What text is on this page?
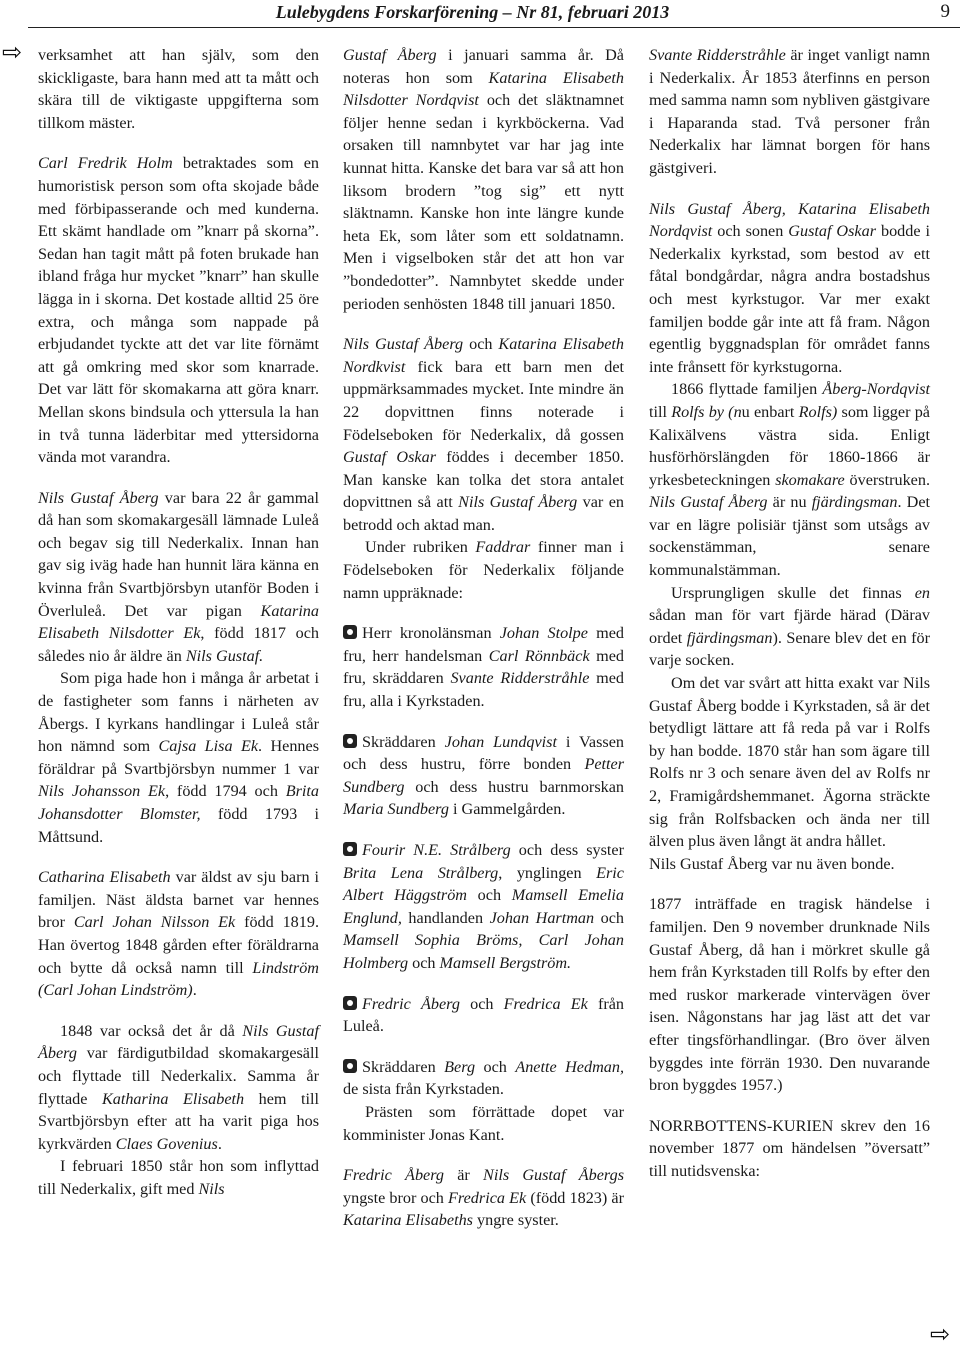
Lulebygdens Forskarförening – Nr 81, februari 2013	9
⇨
⇨

verksamhet att han själv, som den skickligaste, bara hann med att ta mått och skära till de viktigaste uppgifterna som tillkom mäster.

Carl Fredrik Holm betraktades som en humoristisk person som ofta skojade både med förbipasserande och med kunderna. Ett skämt handlade om ”knarr på skorna”. Sedan han tagit mått på foten brukade han ibland fråga hur mycket ”knarr” han skulle lägga in i skorna. Det kostade alltid 25 öre extra, och många som nappade på erbjudandet tyckte att det var lite förnämt att gå omkring med skor som knarrade. Det var lätt för skomakarna att göra knarr. Mellan skons bindsula och yttersula la han in två tunna läderbitar med yttersidorna vända mot varandra.

Nils Gustaf Åberg var bara 22 år gammal då han som skomakargesäll lämnade Luleå och begav sig till Nederkalix. Innan han gav sig iväg hade han hunnit lära känna en kvinna från Svartbjörsbyn utanför Boden i Överluleå. Det var pigan Katarina Elisabeth Nilsdotter Ek, född 1817 och således nio år äldre än Nils Gustaf.

Som piga hade hon i många år arbetat i de fastigheter som fanns i närheten av Åbergs. I kyrkans handlingar i Luleå står hon nämnd som Cajsa Lisa Ek. Hennes föräldrar på Svartbjörsbyn nummer 1 var Nils Johansson Ek, född 1794 och Brita Johansdotter Blomster, född 1793 i Måttsund.

Catharina Elisabeth var äldst av sju barn i familjen. Näst äldsta barnet var hennes bror Carl Johan Nilsson Ek född 1819. Han övertog 1848 gården efter föräldrarna och bytte då också namn till Lindström (Carl Johan Lindström).

1848 var också det år då Nils Gustaf Åberg var färdigutbildad skomakargesäll och flyttade till Nederkalix. Samma år flyttade Katharina Elisabeth hem till Svartbjörsbyn efter att ha varit piga hos kyrkvärden Claes Govenius.

I februari 1850 står hon som inflyttad till Nederkalix, gift med Nils

Gustaf Åberg i januari samma år. Då noteras hon som Katarina Elisabeth Nilsdotter Nordqvist och det släktnamnet följer henne sedan i kyrkböckerna. Vad orsaken till namnbytet var har jag inte kunnat hitta. Kanske det bara var så att hon liksom brodern ”tog sig” ett nytt släktnamn. Kanske hon inte längre kunde heta Ek, som låter som ett soldatnamn. Men i vigselboken står det att hon var ”bondedotter”. Namnbytet skedde under perioden senhösten 1848 till januari 1850.

Nils Gustaf Åberg och Katarina Elisabeth Nordkvist fick bara ett barn men det uppmärksammades mycket. Inte mindre än 22 dopvittnen finns noterade i Födelseboken för Nederkalix, då gossen Gustaf Oskar föddes i december 1850. Man kanske kan tolka det stora antalet dopvittnen så att Nils Gustaf Åberg var en betrodd och aktad man.

Under rubriken Faddrar finner man i Födelseboken för Nederkalix följande namn uppräknade:

Herr kronolänsman Johan Stolpe med fru, herr handelsman Carl Rönnbäck med fru, skräddaren Svante Ridderstråhle med fru, alla i Kyrkstaden.

Skräddaren Johan Lundqvist i Vassen och dess hustru, förre bonden Petter Sundberg och dess hustru barnmorskan Maria Sundberg i Gammelgården.

Fourir N.E. Strålberg och dess syster Brita Lena Strålberg, ynglingen Eric Albert Häggström och Mamsell Emelia Englund, handlanden Johan Hartman och Mamsell Sophia Bröms, Carl Johan Holmberg och Mamsell Bergström.

Fredric Åberg och Fredrica Ek från Luleå.

Skräddaren Berg och Anette Hedman, de sista från Kyrkstaden.

Prästen som förrättade dopet var komminister Jonas Kant.

Fredric Åberg är Nils Gustaf Åbergs yngste bror och Fredrica Ek (född 1823) är Katarina Elisabeths yngre syster.

Svante Ridderstråhle är inget vanligt namn i Nederkalix. År 1853 återfinns en person med samma namn som nybliven gästgivare i Haparanda stad. Två personer från Nederkalix har lämnat borgen för hans gästgiveri.

Nils Gustaf Åberg, Katarina Elisabeth Nordqvist och sonen Gustaf Oskar bodde i Nederkalix kyrkstad, som bestod av ett fåtal bondgårdar, några andra bostadshus och mest kyrkstugor. Var mer exakt familjen bodde går inte att få fram. Någon egentlig byggnadsplan för området fanns inte frånsett för kyrkstugorna.

1866 flyttade familjen Åberg-Nordqvist till Rolfs by (nu enbart Rolfs) som ligger på Kalixälvens västra sida. Enligt husförhörslängden för 1860-1866 är yrkesbeteckningen skomakare överstruken. Nils Gustaf Åberg är nu fjärdingsman. Det var en lägre polisiär tjänst som utsågs av sockenstämman, senare kommunalstämman.

Ursprungligen skulle det finnas en sådan man för vart fjärde härad (Därav ordet fjärdingsman). Senare blev det en för varje socken.

Om det var svårt att hitta exakt var Nils Gustaf Åberg bodde i Kyrkstaden, så är det betydligt lättare att få reda på var i Rolfs by han bodde. 1870 står han som ägare till Rolfs nr 3 och senare även del av Rolfs nr 2, Framigårdshemmanet. Ägorna sträckte sig från Rolfsbacken och ända ner till älven plus även långt ät andra hållet.

Nils Gustaf Åberg var nu även bonde.

1877 inträffade en tragisk händelse i familjen. Den 9 november drunknade Nils Gustaf Åberg, då han i mörkret skulle gå hem från Kyrkstaden till Rolfs by efter den med ruskor markerade vintervägen över isen. Någonstans har jag läst att det var efter tingsförhandlingar. (Bro över älven byggdes inte förrän 1930. Den nuvarande bron byggdes 1957.)

NORRBOTTENS-KURIEN skrev den 16 november 1877 om händelsen ”översatt” till nutidsvenska:
